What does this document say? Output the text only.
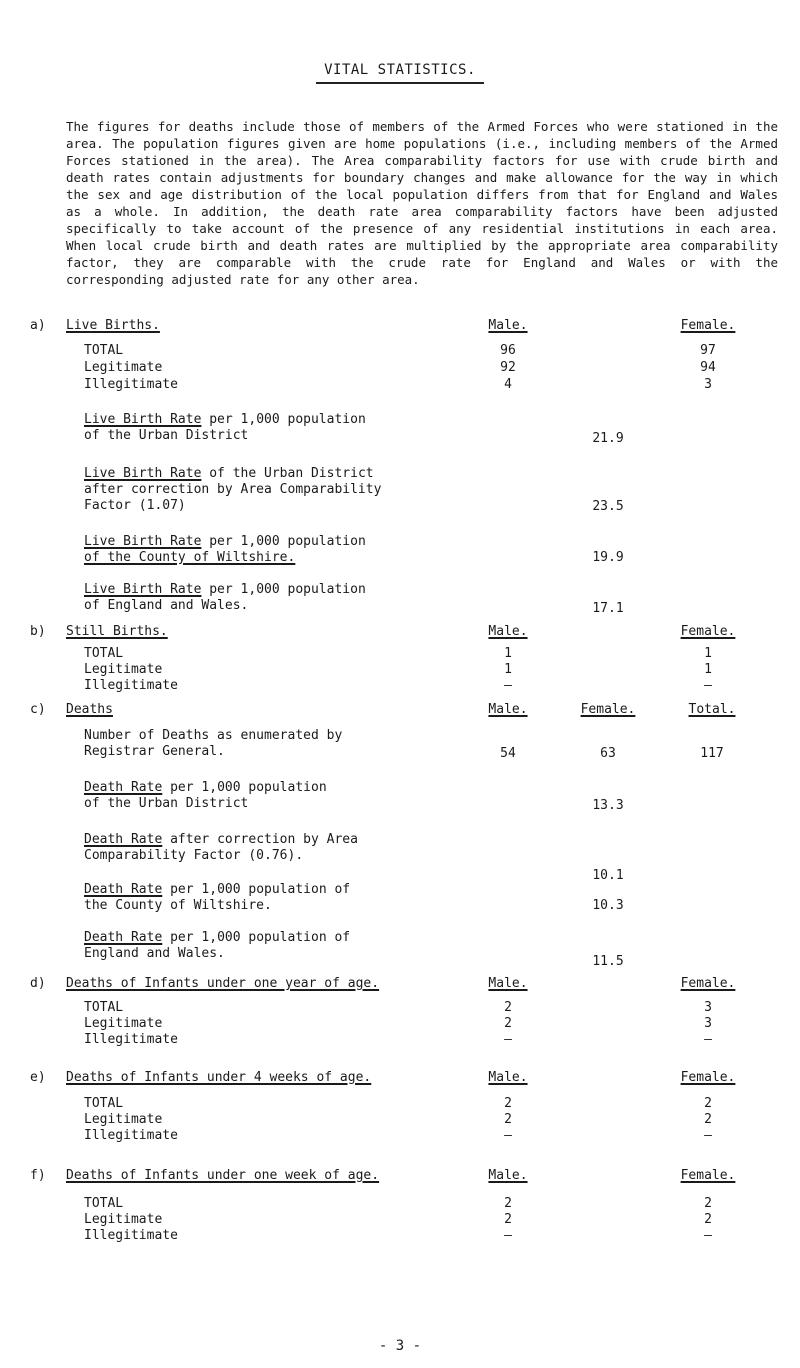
VITAL STATISTICS.
The figures for deaths include those of members of the Armed Forces who were stationed in the area. The population figures given are home populations (i.e., including members of the Armed Forces stationed in the area). The Area comparability factors for use with crude birth and death rates contain adjustments for boundary changes and make allowance for the way in which the sex and age distribution of the local population differs from that for England and Wales as a whole. In addition, the death rate area comparability factors have been adjusted specifically to take account of the presence of any residential institutions in each area. When local crude birth and death rates are multiplied by the appropriate area comparability factor, they are comparable with the crude rate for England and Wales or with the corresponding adjusted rate for any other area.
a) Live Births.	Male.	Female.
TOTAL	96	97
Legitimate	92	94
Illegitimate	4	3
Live Birth Rate per 1,000 population
of the Urban District	21.9
Live Birth Rate of the Urban District
after correction by Area Comparability
Factor (1.07)	23.5
Live Birth Rate per 1,000 population
of the County of Wiltshire.	19.9
Live Birth Rate per 1,000 population
of England and Wales.	17.1
b) Still Births.	Male.	Female.
TOTAL	1	1
Legitimate	1	1
Illegitimate	–	–
c) Deaths	Male.	Female.	Total.
Number of Deaths as enumerated by
Registrar General.	54	63	117
Death Rate per 1,000 population
of the Urban District	13.3
Death Rate after correction by Area
Comparability Factor (0.76).
10.1
Death Rate per 1,000 population of
the County of Wiltshire.	10.3
Death Rate per 1,000 population of
England and Wales.
11.5
d) Deaths of Infants under one year of age.	Male.	Female.
TOTAL	2	3
Legitimate	2	3
Illegitimate	–	–
e) Deaths of Infants under 4 weeks of age.	Male.	Female.
TOTAL	2	2
Legitimate	2	2
Illegitimate	–	–
f) Deaths of Infants under one week of age.	Male.	Female.
TOTAL	2	2
Legitimate	2	2
Illegitimate	–	–
- 3 -
